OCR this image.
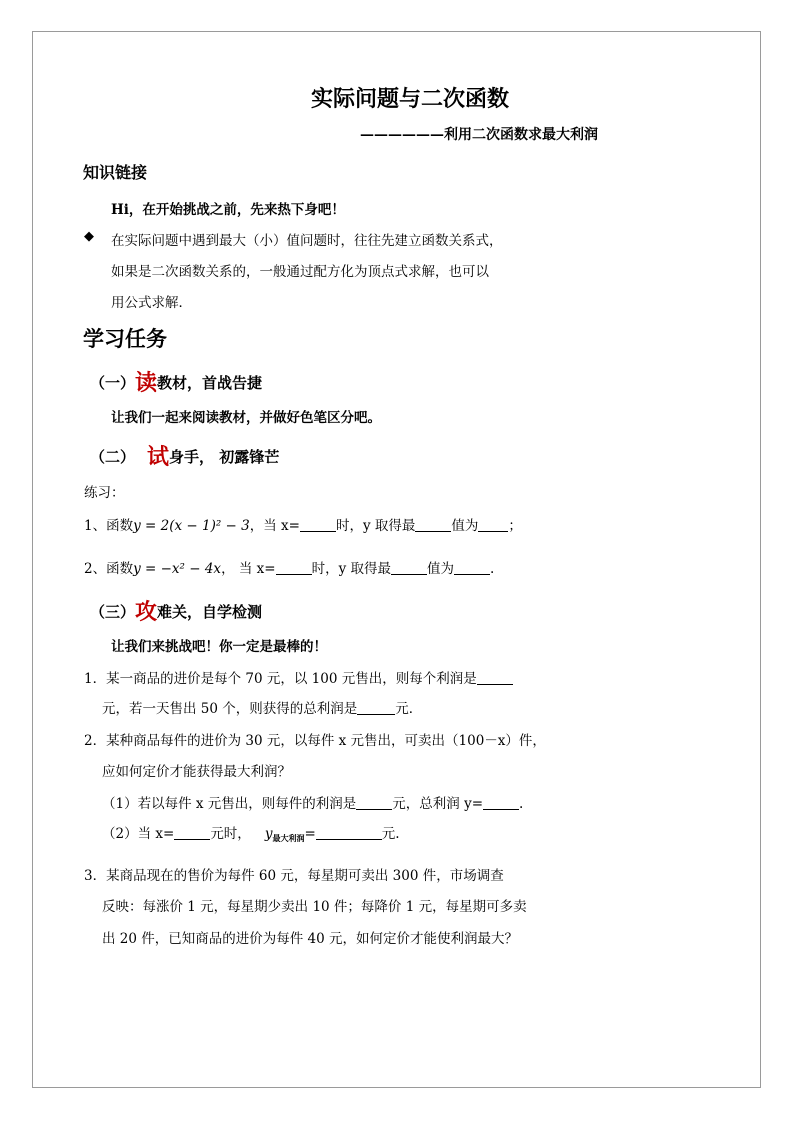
实际问题与二次函数
——————利用二次函数求最大利润
知识链接
Hi，在开始挑战之前，先来热下身吧！
◆ 在实际问题中遇到最大（小）值问题时，往往先建立函数关系式，
如果是二次函数关系的，一般通过配方化为顶点式求解，也可以
用公式求解．
学习任务
（一）读教材，首战告捷
让我们一起来阅读教材，并做好色笔区分吧。
（二） 试身手， 初露锋芒
练习：
1、函数y = 2(x − 1)² − 3，当 x=	时，y 取得最	值为 ；
2、函数y = −x² − 4x， 当 x=	时，y 取得最	值为	.
（三）攻难关，自学检测
让我们来挑战吧！你一定是最棒的！
1．某一商品的进价是每个 70 元，以 100 元售出，则每个利润是
元，若一天售出 50 个，则获得的总利润是	元．
2．某种商品每件的进价为 30 元，以每件 x 元售出，可卖出（100－x）件，
应如何定价才能获得最大利润？
（1）若以每件 x 元售出，则每件的利润是	元，总利润 y=	.
（2）当 x=	元时， $y_{最大利润}=$	元.
3．某商品现在的售价为每件 60 元，每星期可卖出 300 件，市场调查
反映：每涨价 1 元，每星期少卖出 10 件；每降价 1 元，每星期可多卖
出 20 件，已知商品的进价为每件 40 元，如何定价才能使利润最大？
